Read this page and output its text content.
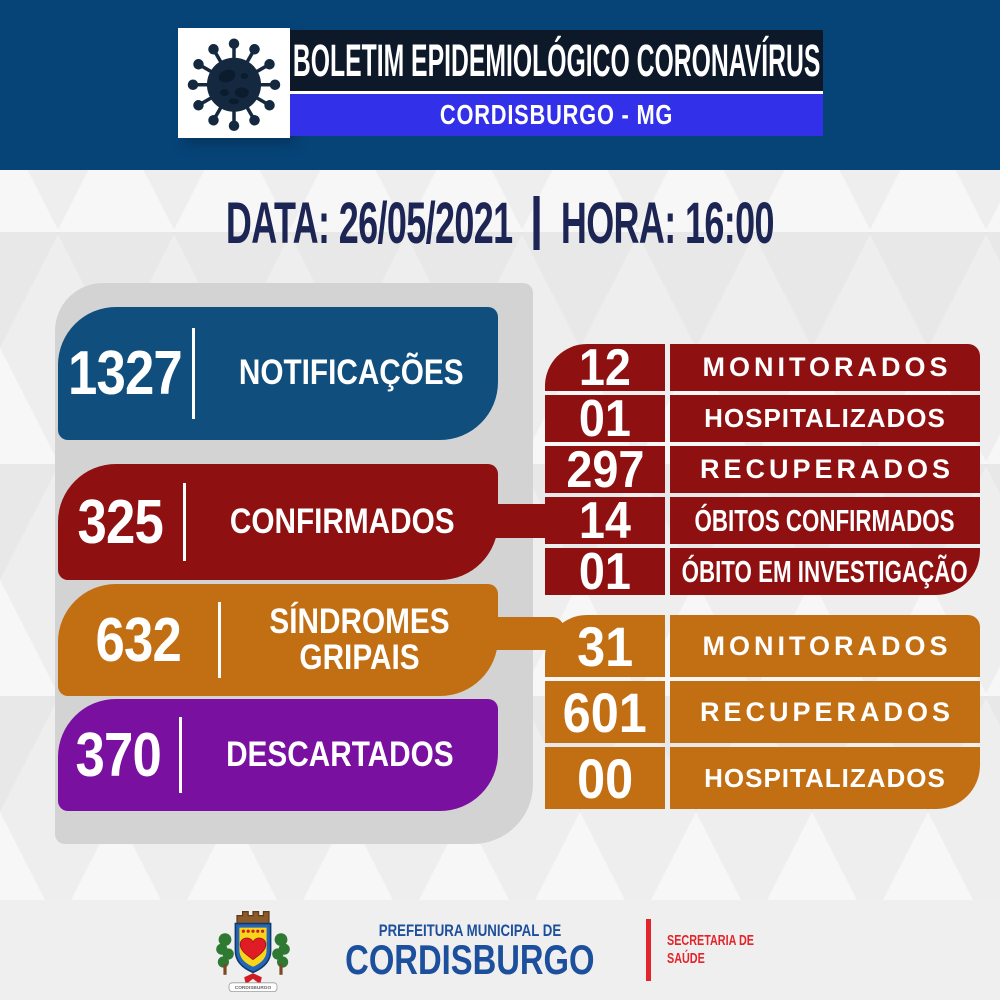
BOLETIM EPIDEMIOLÓGICO CORONAVÍRUS
CORDISBURGO - MG
DATA: 26/05/2021 HORA: 16:00
1327	NOTIFICAÇÕES
325	CONFIRMADOS
632	SÍNDROMES GRIPAIS
370	DESCARTADOS
12	MONITORADOS
01	HOSPITALIZADOS
297 RECUPERADOS
14 ÓBITOS CONFIRMADOS
01 ÓBITO EM INVESTIGAÇÃO
31	MONITORADOS
601 RECUPERADOS
00	HOSPITALIZADOS
CORDISBURGO
PREFEITURA MUNICIPAL DE
CORDISBURGO	SECRETARIA DE
SAÚDE
